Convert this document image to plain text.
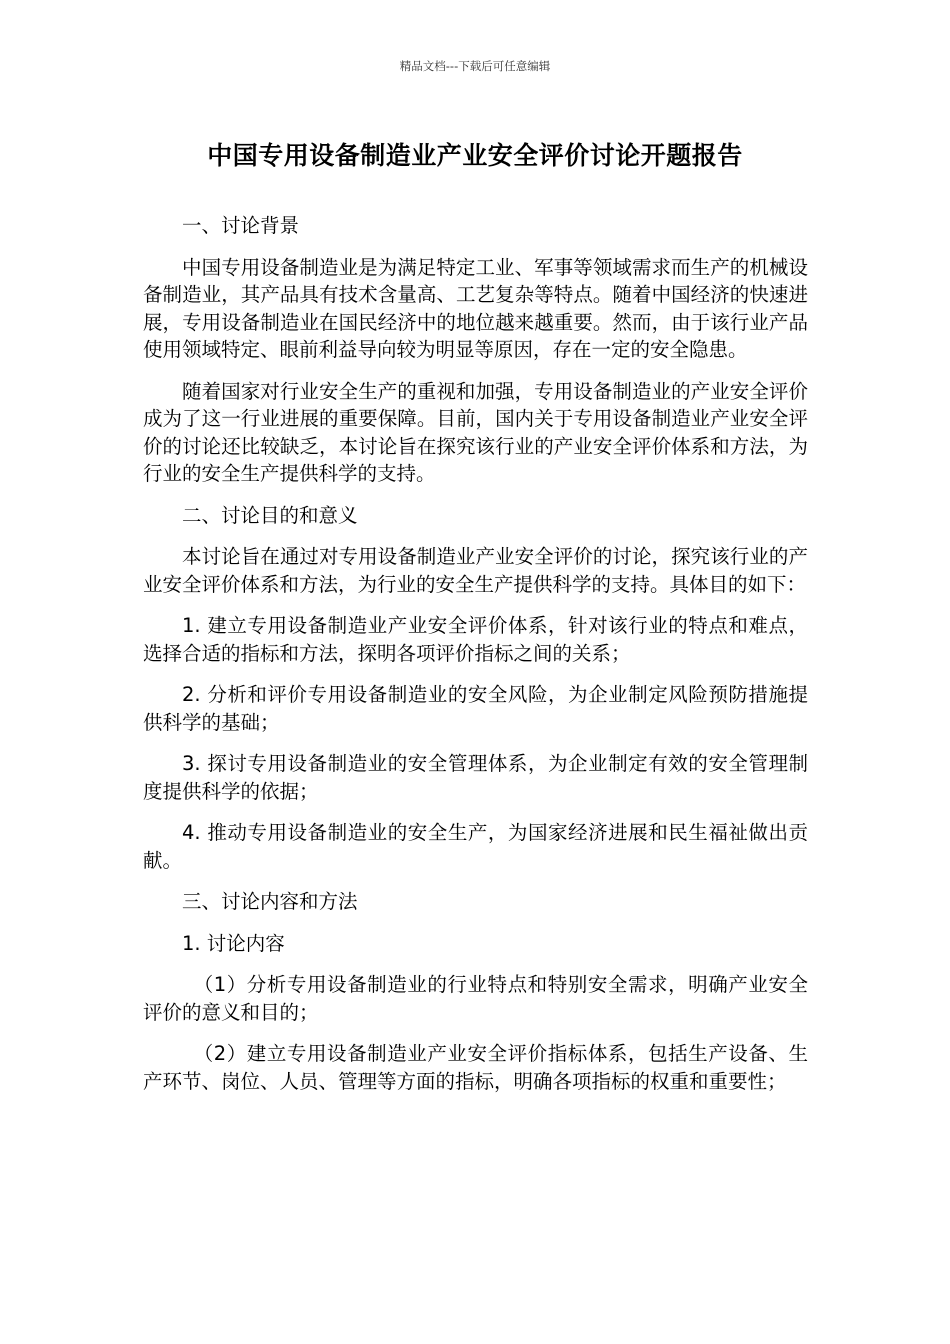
精品文档---下载后可任意编辑
中国专用设备制造业产业安全评价讨论开题报告

一、讨论背景

中国专用设备制造业是为满足特定工业、军事等领域需求而生产的机械设备制造业，其产品具有技术含量高、工艺复杂等特点。随着中国经济的快速进展，专用设备制造业在国民经济中的地位越来越重要。然而，由于该行业产品使用领域特定、眼前利益导向较为明显等原因，存在一定的安全隐患。

随着国家对行业安全生产的重视和加强，专用设备制造业的产业安全评价成为了这一行业进展的重要保障。目前，国内关于专用设备制造业产业安全评价的讨论还比较缺乏，本讨论旨在探究该行业的产业安全评价体系和方法，为行业的安全生产提供科学的支持。

二、讨论目的和意义

本讨论旨在通过对专用设备制造业产业安全评价的讨论，探究该行业的产业安全评价体系和方法，为行业的安全生产提供科学的支持。具体目的如下：

1. 建立专用设备制造业产业安全评价体系，针对该行业的特点和难点，选择合适的指标和方法，探明各项评价指标之间的关系；

2. 分析和评价专用设备制造业的安全风险，为企业制定风险预防措施提供科学的基础；

3. 探讨专用设备制造业的安全管理体系，为企业制定有效的安全管理制度提供科学的依据；

4. 推动专用设备制造业的安全生产，为国家经济进展和民生福祉做出贡献。

三、讨论内容和方法

1. 讨论内容

（1）分析专用设备制造业的行业特点和特别安全需求，明确产业安全评价的意义和目的；

（2）建立专用设备制造业产业安全评价指标体系，包括生产设备、生产环节、岗位、人员、管理等方面的指标，明确各项指标的权重和重要性；
